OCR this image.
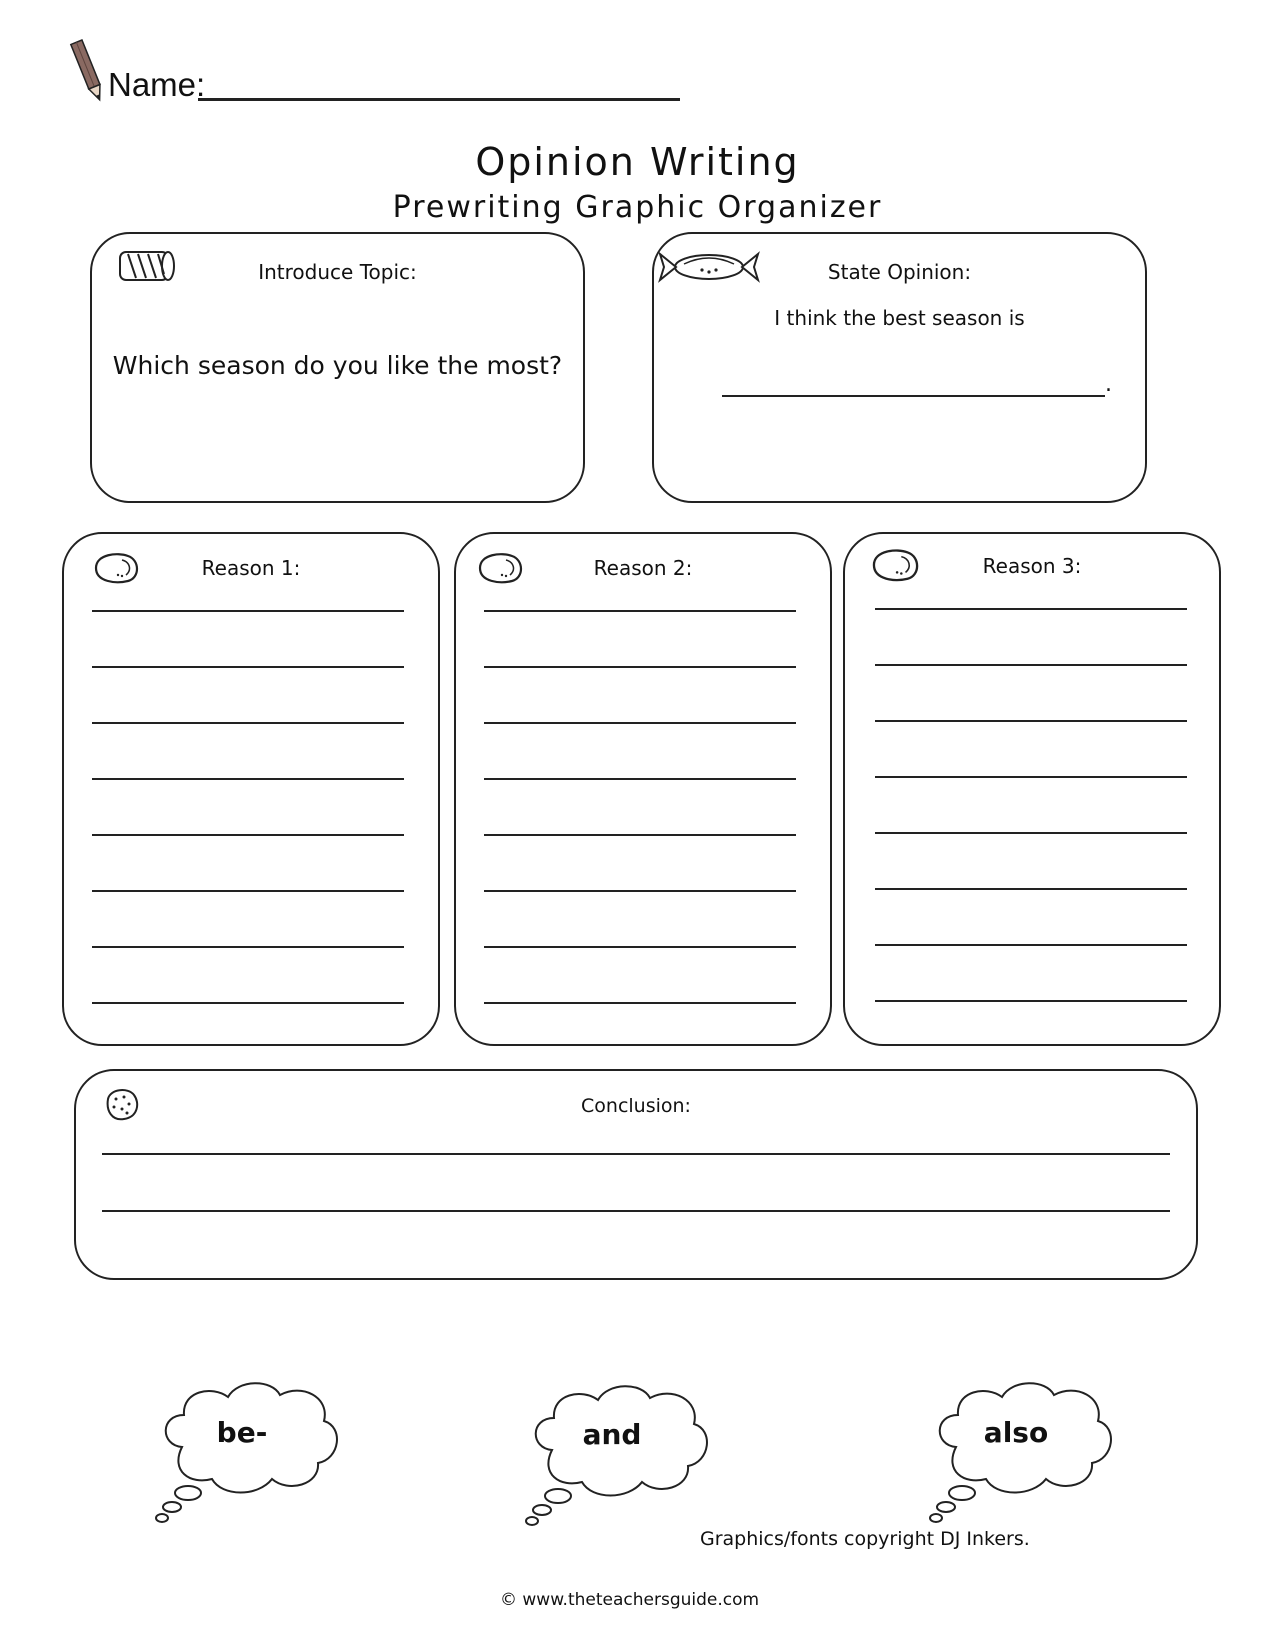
Name:
Opinion Writing
Prewriting Graphic Organizer
Introduce Topic:
Which season do you like the most?
State Opinion:
I think the best season is
.
Reason 1:	Reason 2:	Reason 3:
Conclusion:
be-	and	also
Graphics/fonts copyright DJ Inkers.
© www.theteachersguide.com
